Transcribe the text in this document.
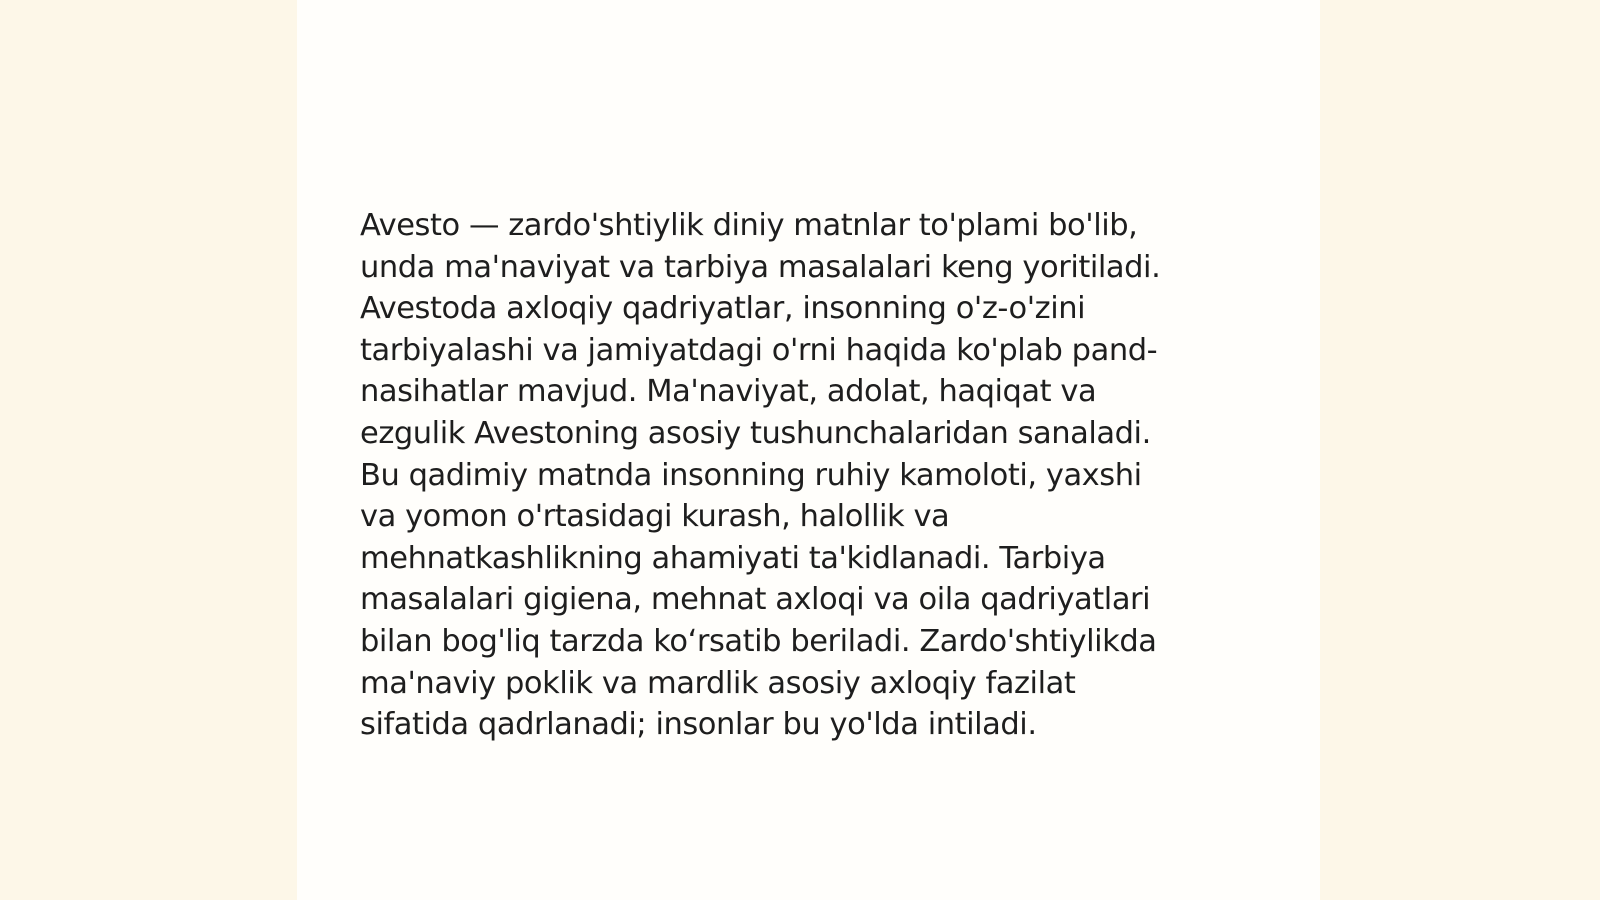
Avesto — zardo'shtiylik diniy matnlar to'plami bo'lib,
unda ma'naviyat va tarbiya masalalari keng yoritiladi.
Avestoda axloqiy qadriyatlar, insonning o'z-o'zini
tarbiyalashi va jamiyatdagi o'rni haqida ko'plab pand-
nasihatlar mavjud. Ma'naviyat, adolat, haqiqat va
ezgulik Avestoning asosiy tushunchalaridan sanaladi.
Bu qadimiy matnda insonning ruhiy kamoloti, yaxshi
va yomon o'rtasidagi kurash, halollik va
mehnatkashlikning ahamiyati ta'kidlanadi. Tarbiya
masalalari gigiena, mehnat axloqi va oila qadriyatlari
bilan bog'liq tarzda koʻrsatib beriladi. Zardo'shtiylikda
ma'naviy poklik va mardlik asosiy axloqiy fazilat
sifatida qadrlanadi; insonlar bu yo'lda intiladi.
